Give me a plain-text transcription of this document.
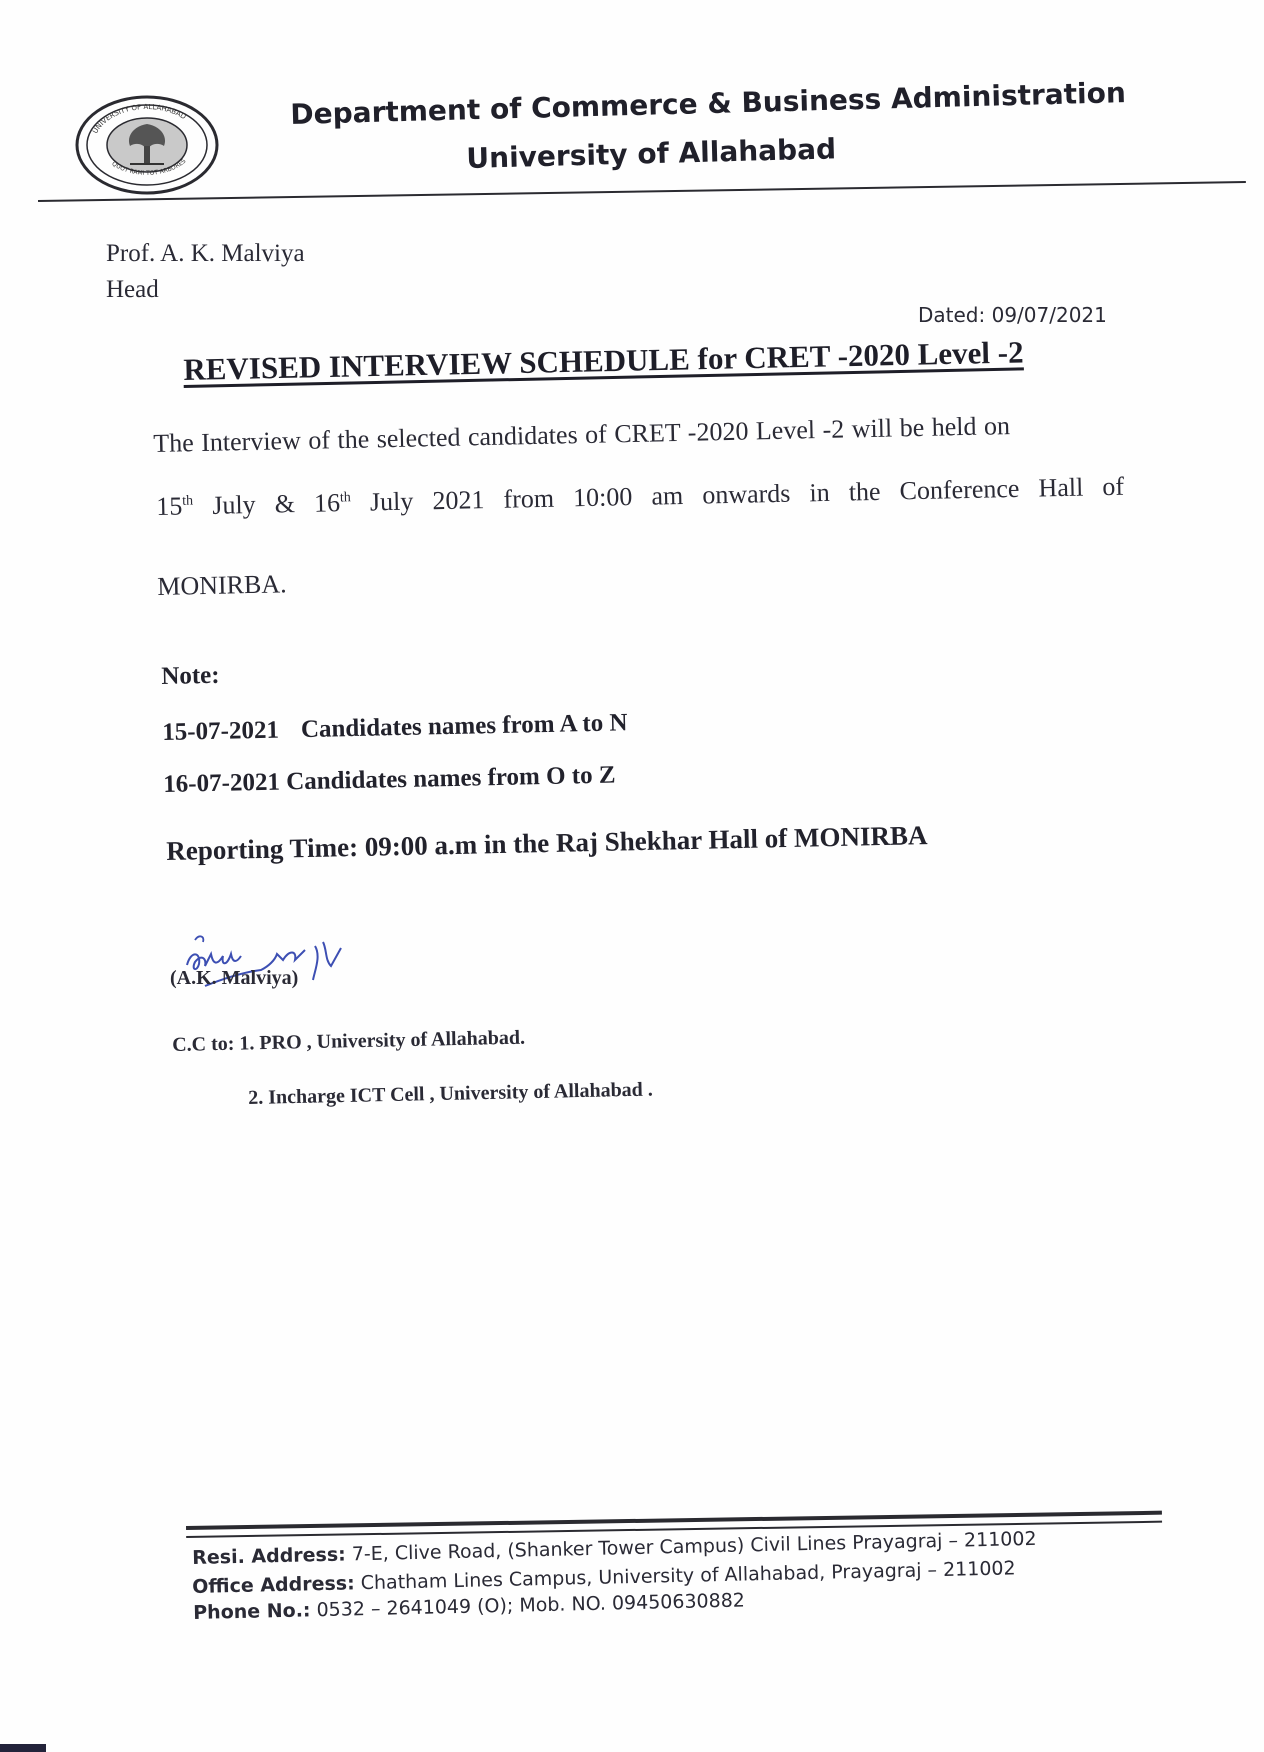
UNIVERSITY OF ALLAHABAD
QUOT RAMI TOT ARBORES
Department of Commerce & Business Administration
University of Allahabad
Prof. A. K. Malviya
Head
Dated: 09/07/2021
REVISED INTERVIEW SCHEDULE for CRET -2020 Level -2
The Interview of the selected candidates of CRET -2020 Level -2 will be held on
15th July & 16th July 2021 from 10:00 am onwards in the Conference Hall of
MONIRBA.
Note:
15-07-2021 Candidates names from A to N
16-07-2021 Candidates names from O to Z
Reporting Time: 09:00 a.m in the Raj Shekhar Hall of MONIRBA
(A.K. Malviya)
C.C to: 1. PRO , University of Allahabad.
2. Incharge ICT Cell , University of Allahabad .
Resi. Address: 7-E, Clive Road, (Shanker Tower Campus) Civil Lines Prayagraj – 211002
Office Address: Chatham Lines Campus, University of Allahabad, Prayagraj – 211002
Phone No.: 0532 – 2641049 (O); Mob. NO. 09450630882
